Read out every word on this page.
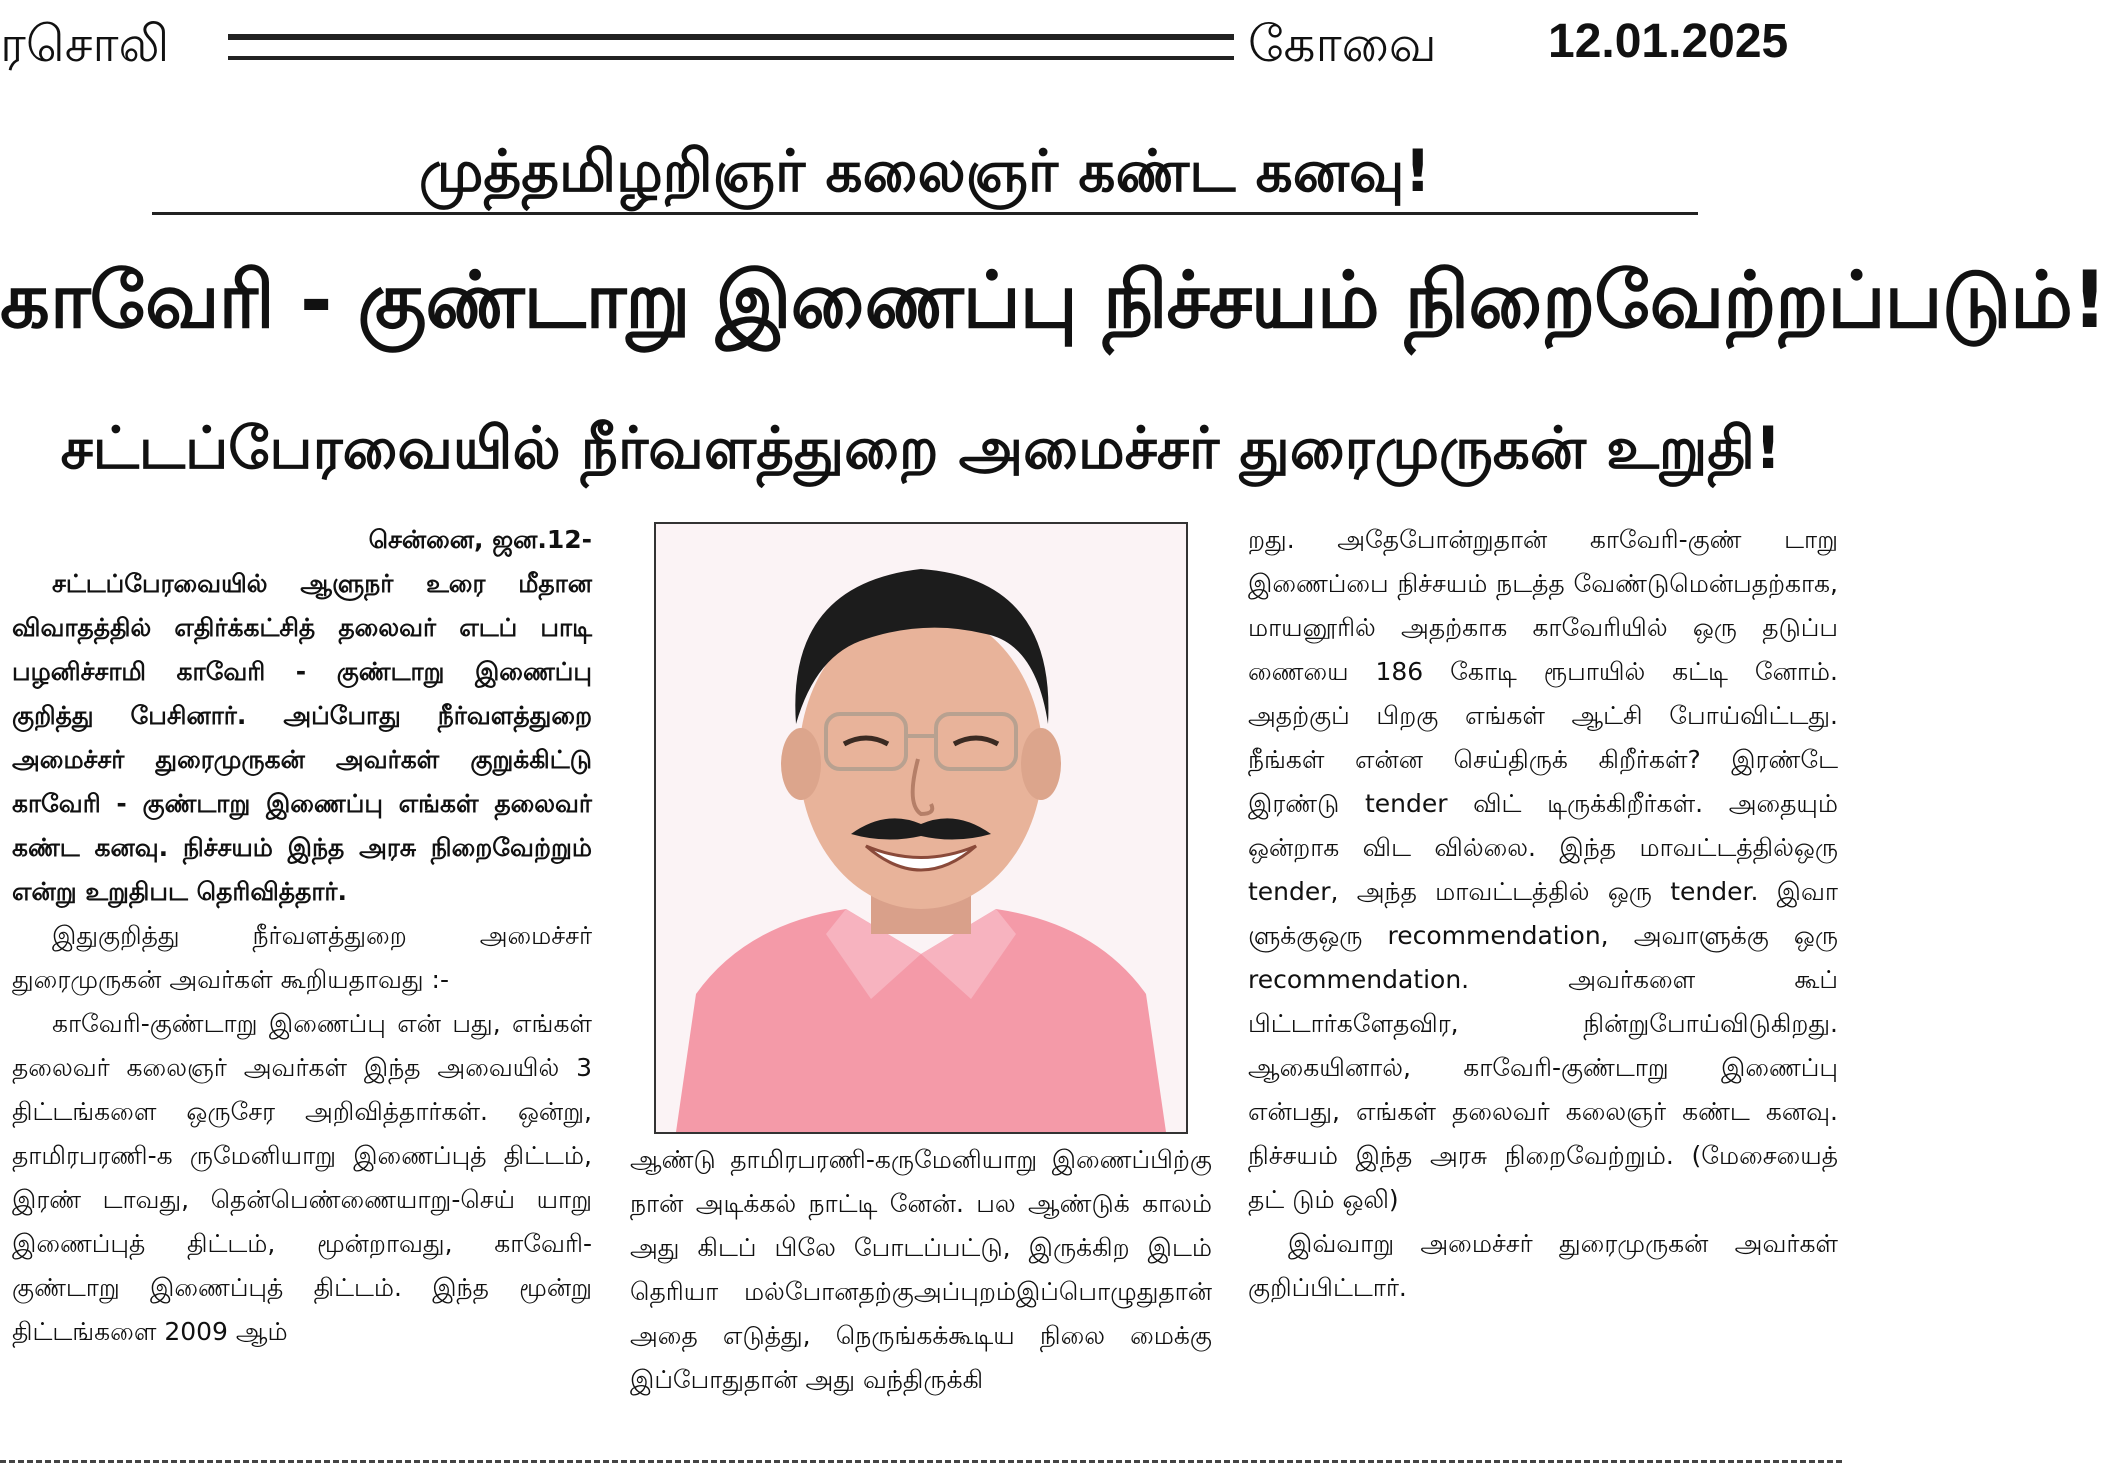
ரசொலி	கோவை 12.01.2025
முத்தமிழறிஞர் கலைஞர் கண்ட கனவு!
காவேரி - குண்டாறு இணைப்பு நிச்சயம் நிறைவேற்றப்படும்!
சட்டப்பேரவையில் நீர்வளத்துறை அமைச்சர் துரைமுருகன் உறுதி!

சென்னை, ஜன.12-

சட்டப்பேரவையில் ஆளுநர் உரை மீதான விவாதத்தில் எதிர்க்கட்சித் தலைவர் எடப் பாடி பழனிச்சாமி காவேரி - குண்டாறு இணைப்பு குறித்து பேசினார். அப்போது நீர்வளத்துறை அமைச்சர் துரைமுருகன் அவர்கள் குறுக்கிட்டு காவேரி - குண்டாறு இணைப்பு எங்கள் தலைவர் கண்ட கனவு. நிச்சயம் இந்த அரசு நிறைவேற்றும் என்று உறுதிபட தெரிவித்தார்.

இதுகுறித்து நீர்வளத்துறை அமைச்சர் துரைமுருகன் அவர்கள் கூறியதாவது :-

காவேரி-குண்டாறு இணைப்பு என் பது, எங்கள் தலைவர் கலைஞர் அவர்கள் இந்த அவையில் 3 திட்டங்களை ஒருசேர அறிவித்தார்கள். ஒன்று, தாமிரபரணி-க ருமேனியாறு இணைப்புத் திட்டம், இரண் டாவது, தென்பெண்ணையாறு-செய் யாறு இணைப்புத் திட்டம், மூன்றாவது, காவேரி-குண்டாறு இணைப்புத் திட்டம். இந்த மூன்று திட்டங்களை 2009 ஆம்

ஆண்டு தாமிரபரணி-கருமேனியாறு இணைப்பிற்கு நான் அடிக்கல் நாட்டி னேன். பல ஆண்டுக் காலம் அது கிடப் பிலே போடப்பட்டு, இருக்கிற இடம் தெரியா மல்போனதற்குஅப்புறம்இப்பொழுதுதான் அதை எடுத்து, நெருங்கக்கூடிய நிலை மைக்கு இப்போதுதான் அது வந்திருக்கி

றது. அதேபோன்றுதான் காவேரி-குண் டாறு இணைப்பை நிச்சயம் நடத்த வேண்டுமென்பதற்காக, மாயனூரில் அதற்காக காவேரியில் ஒரு தடுப்ப ணையை 186 கோடி ரூபாயில் கட்டி னோம். அதற்குப் பிறகு எங்கள் ஆட்சி போய்விட்டது. நீங்கள் என்ன செய்திருக் கிறீர்கள்? இரண்டே இரண்டு tender விட் டிருக்கிறீர்கள். அதையும் ஒன்றாக விட வில்லை. இந்த மாவட்டத்தில்ஒரு tender, அந்த மாவட்டத்தில் ஒரு tender. இவா ளுக்குஒரு recommendation, அவாளுக்கு ஒரு recommendation. அவர்களை கூப் பிட்டார்களேதவிர, நின்றுபோய்விடுகிறது. ஆகையினால், காவேரி-குண்டாறு இணைப்பு என்பது, எங்கள் தலைவர் கலைஞர் கண்ட கனவு. நிச்சயம் இந்த அரசு நிறைவேற்றும். (மேசையைத் தட் டும் ஒலி)

இவ்வாறு அமைச்சர் துரைமுருகன் அவர்கள் குறிப்பிட்டார்.
